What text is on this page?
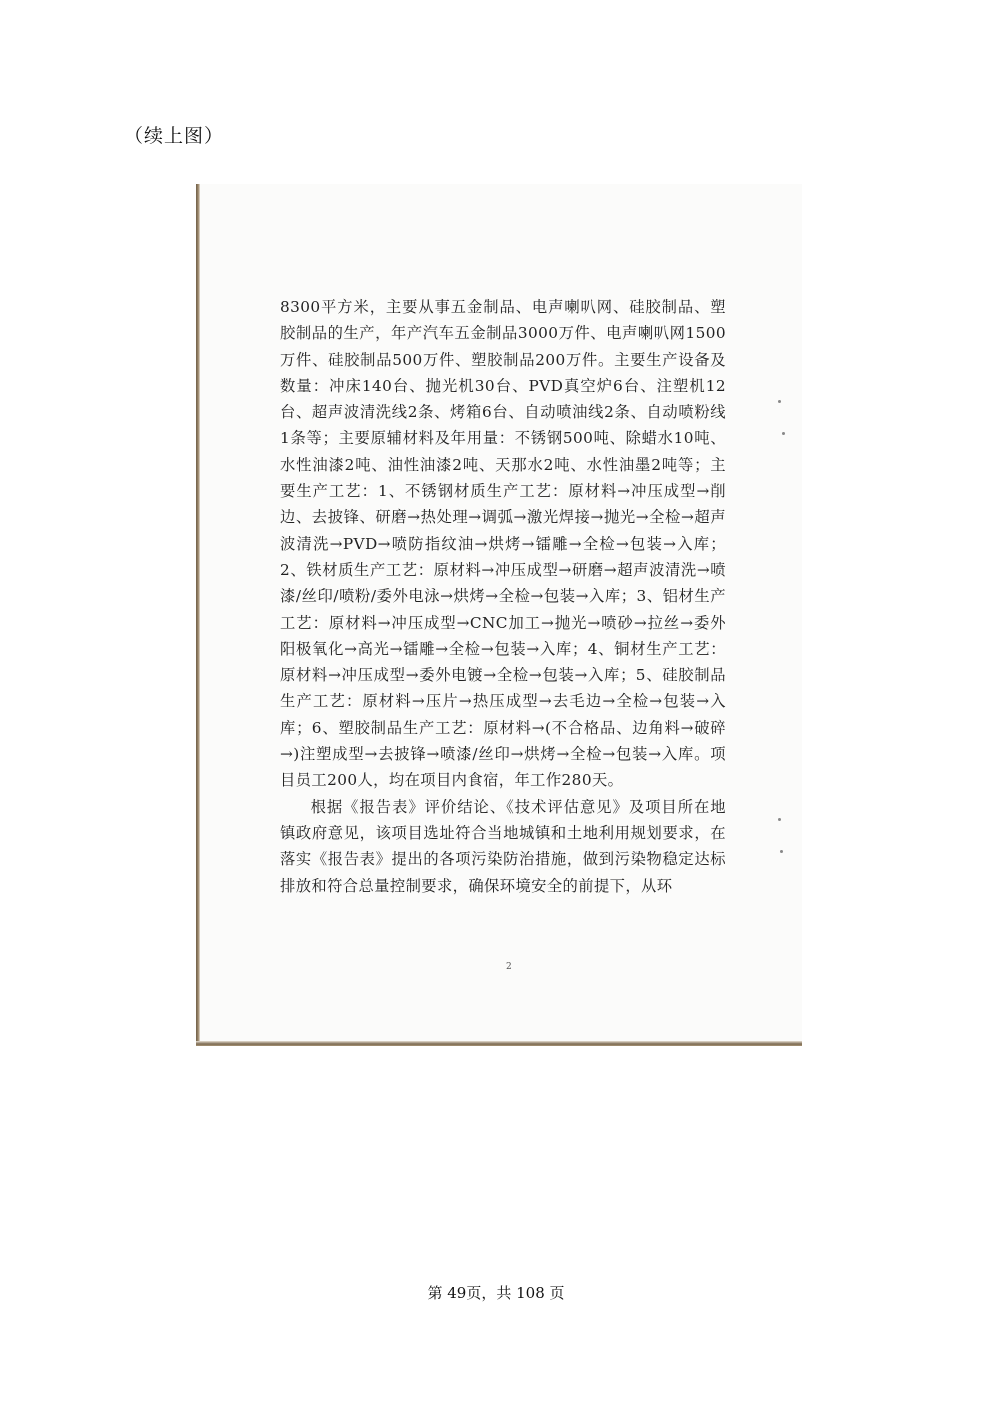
（续上图）

8300平方米，主要从事五金制品、电声喇叭网、硅胶制品、塑胶制品的生产，年产汽车五金制品3000万件、电声喇叭网1500万件、硅胶制品500万件、塑胶制品200万件。主要生产设备及数量：冲床140台、抛光机30台、PVD真空炉6台、注塑机12台、超声波清洗线2条、烤箱6台、自动喷油线2条、自动喷粉线1条等；主要原辅材料及年用量：不锈钢500吨、除蜡水10吨、水性油漆2吨、油性油漆2吨、天那水2吨、水性油墨2吨等；主要生产工艺：1、不锈钢材质生产工艺：原材料→冲压成型→削边、去披锋、研磨→热处理→调弧→激光焊接→抛光→全检→超声波清洗→PVD→喷防指纹油→烘烤→镭雕→全检→包装→入库；2、铁材质生产工艺：原材料→冲压成型→研磨→超声波清洗→喷漆/丝印/喷粉/委外电泳→烘烤→全检→包装→入库；3、铝材生产工艺：原材料→冲压成型→CNC加工→抛光→喷砂→拉丝→委外阳极氧化→高光→镭雕→全检→包装→入库；4、铜材生产工艺：原材料→冲压成型→委外电镀→全检→包装→入库；5、硅胶制品生产工艺：原材料→压片→热压成型→去毛边→全检→包装→入库；6、塑胶制品生产工艺：原材料→(不合格品、边角料→破碎→)注塑成型→去披锋→喷漆/丝印→烘烤→全检→包装→入库。项目员工200人，均在项目内食宿，年工作280天。

根据《报告表》评价结论、《技术评估意见》及项目所在地镇政府意见，该项目选址符合当地城镇和土地利用规划要求，在落实《报告表》提出的各项污染防治措施，做到污染物稳定达标排放和符合总量控制要求，确保环境安全的前提下，从环

2
第 49页，共 108 页
